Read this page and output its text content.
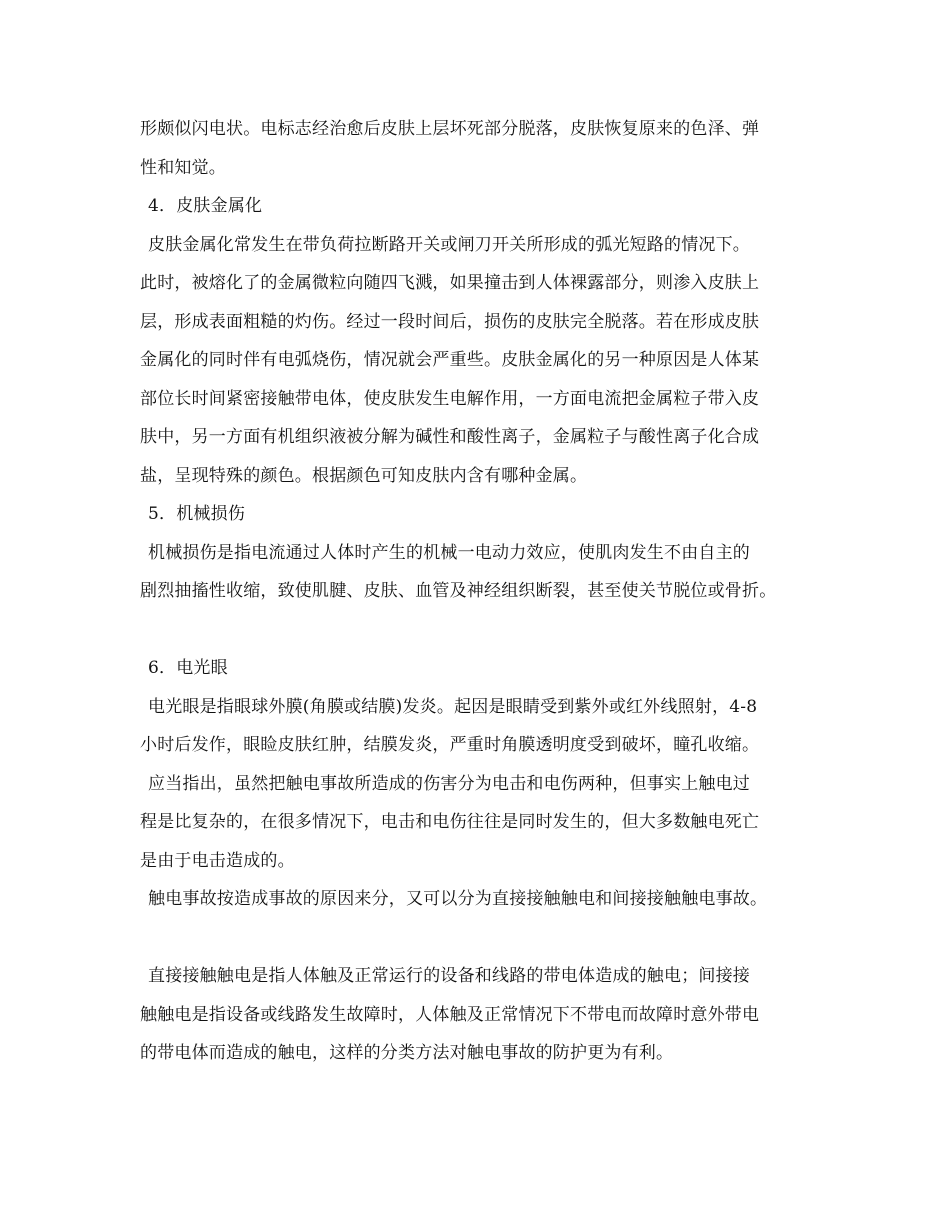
形颇似闪电状。电标志经治愈后皮肤上层坏死部分脱落，皮肤恢复原来的色泽、弹
性和知觉。
4．皮肤金属化
皮肤金属化常发生在带负荷拉断路开关或闸刀开关所形成的弧光短路的情况下。
此时，被熔化了的金属微粒向随四飞溅，如果撞击到人体裸露部分，则渗入皮肤上
层，形成表面粗糙的灼伤。经过一段时间后，损伤的皮肤完全脱落。若在形成皮肤
金属化的同时伴有电弧烧伤，情况就会严重些。皮肤金属化的另一种原因是人体某
部位长时间紧密接触带电体，使皮肤发生电解作用，一方面电流把金属粒子带入皮
肤中，另一方面有机组织液被分解为碱性和酸性离子，金属粒子与酸性离子化合成
盐，呈现特殊的颜色。根据颜色可知皮肤内含有哪种金属。
5．机械损伤
机械损伤是指电流通过人体时产生的机械一电动力效应，使肌肉发生不由自主的
剧烈抽搐性收缩，致使肌腱、皮肤、血管及神经组织断裂，甚至使关节脱位或骨折。
6．电光眼
电光眼是指眼球外膜(角膜或结膜)发炎。起因是眼睛受到紫外或红外线照射，4-8
小时后发作，眼睑皮肤红肿，结膜发炎，严重时角膜透明度受到破坏，瞳孔收缩。
应当指出，虽然把触电事故所造成的伤害分为电击和电伤两种，但事实上触电过
程是比复杂的，在很多情况下，电击和电伤往往是同时发生的，但大多数触电死亡
是由于电击造成的。
触电事故按造成事故的原因来分，又可以分为直接接触触电和间接接触触电事故。
直接接触触电是指人体触及正常运行的设备和线路的带电体造成的触电；间接接
触触电是指设备或线路发生故障时，人体触及正常情况下不带电而故障时意外带电
的带电体而造成的触电，这样的分类方法对触电事故的防护更为有利。
